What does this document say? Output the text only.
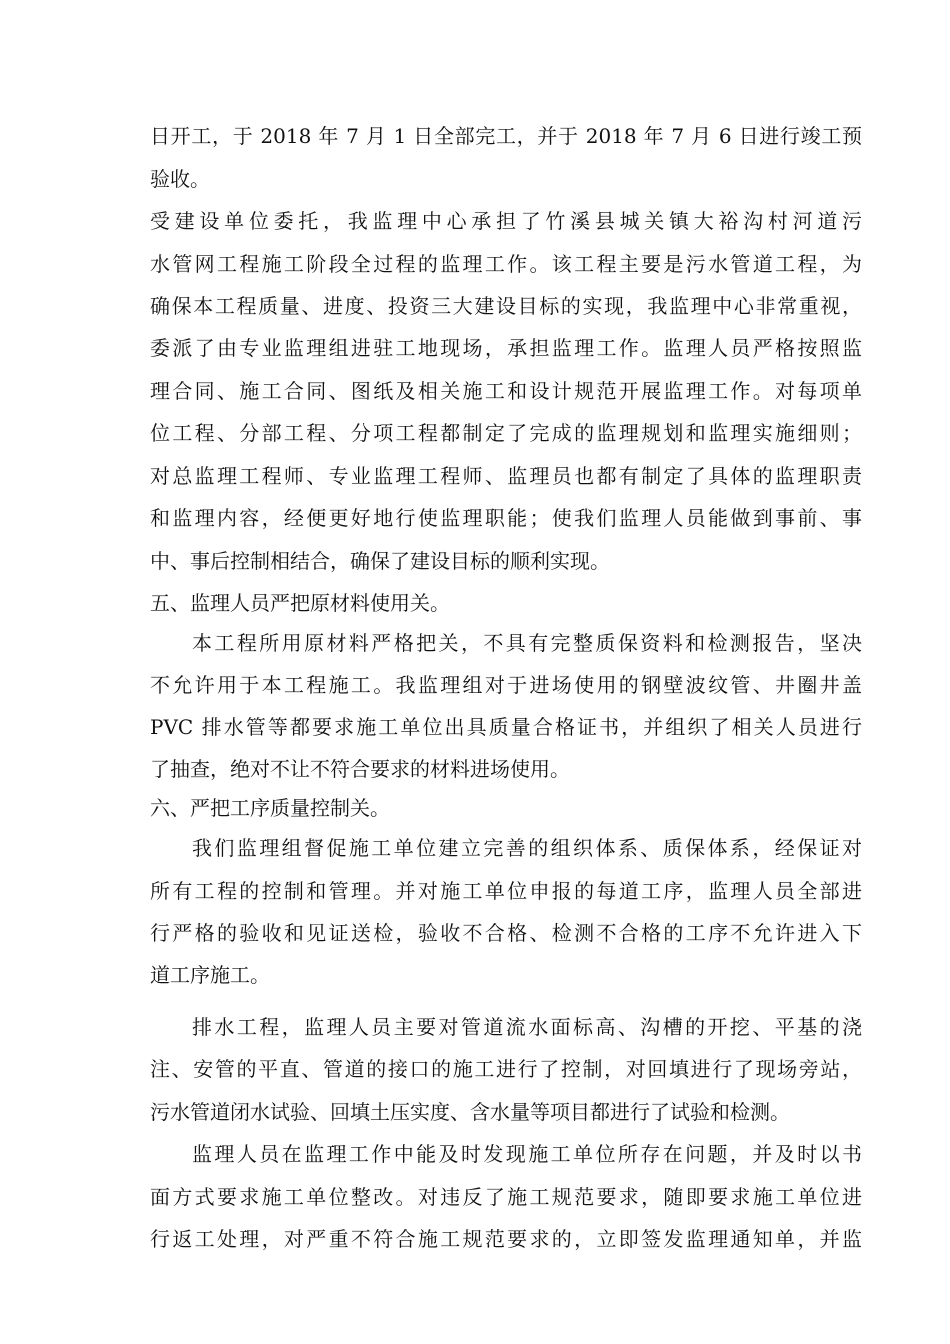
日开工，于 2018 年 7 月 1 日全部完工，并于 2018 年 7 月 6 日进行竣工预
验收。
受建设单位委托，我监理中心承担了竹溪县城关镇大裕沟村河道污
水管网工程施工阶段全过程的监理工作。该工程主要是污水管道工程，为
确保本工程质量、进度、投资三大建设目标的实现，我监理中心非常重视，
委派了由专业监理组进驻工地现场，承担监理工作。监理人员严格按照监
理合同、施工合同、图纸及相关施工和设计规范开展监理工作。对每项单
位工程、分部工程、分项工程都制定了完成的监理规划和监理实施细则；
对总监理工程师、专业监理工程师、监理员也都有制定了具体的监理职责
和监理内容，经便更好地行使监理职能；使我们监理人员能做到事前、事
中、事后控制相结合，确保了建设目标的顺利实现。
五、监理人员严把原材料使用关。
本工程所用原材料严格把关，不具有完整质保资料和检测报告，坚决
不允许用于本工程施工。我监理组对于进场使用的钢壁波纹管、井圈井盖
PVC 排水管等都要求施工单位出具质量合格证书，并组织了相关人员进行
了抽查，绝对不让不符合要求的材料进场使用。
六、严把工序质量控制关。
我们监理组督促施工单位建立完善的组织体系、质保体系，经保证对
所有工程的控制和管理。并对施工单位申报的每道工序，监理人员全部进
行严格的验收和见证送检，验收不合格、检测不合格的工序不允许进入下
道工序施工。
排水工程，监理人员主要对管道流水面标高、沟槽的开挖、平基的浇
注、安管的平直、管道的接口的施工进行了控制，对回填进行了现场旁站，
污水管道闭水试验、回填土压实度、含水量等项目都进行了试验和检测。
监理人员在监理工作中能及时发现施工单位所存在问题，并及时以书
面方式要求施工单位整改。对违反了施工规范要求，随即要求施工单位进
行返工处理，对严重不符合施工规范要求的，立即签发监理通知单，并监
